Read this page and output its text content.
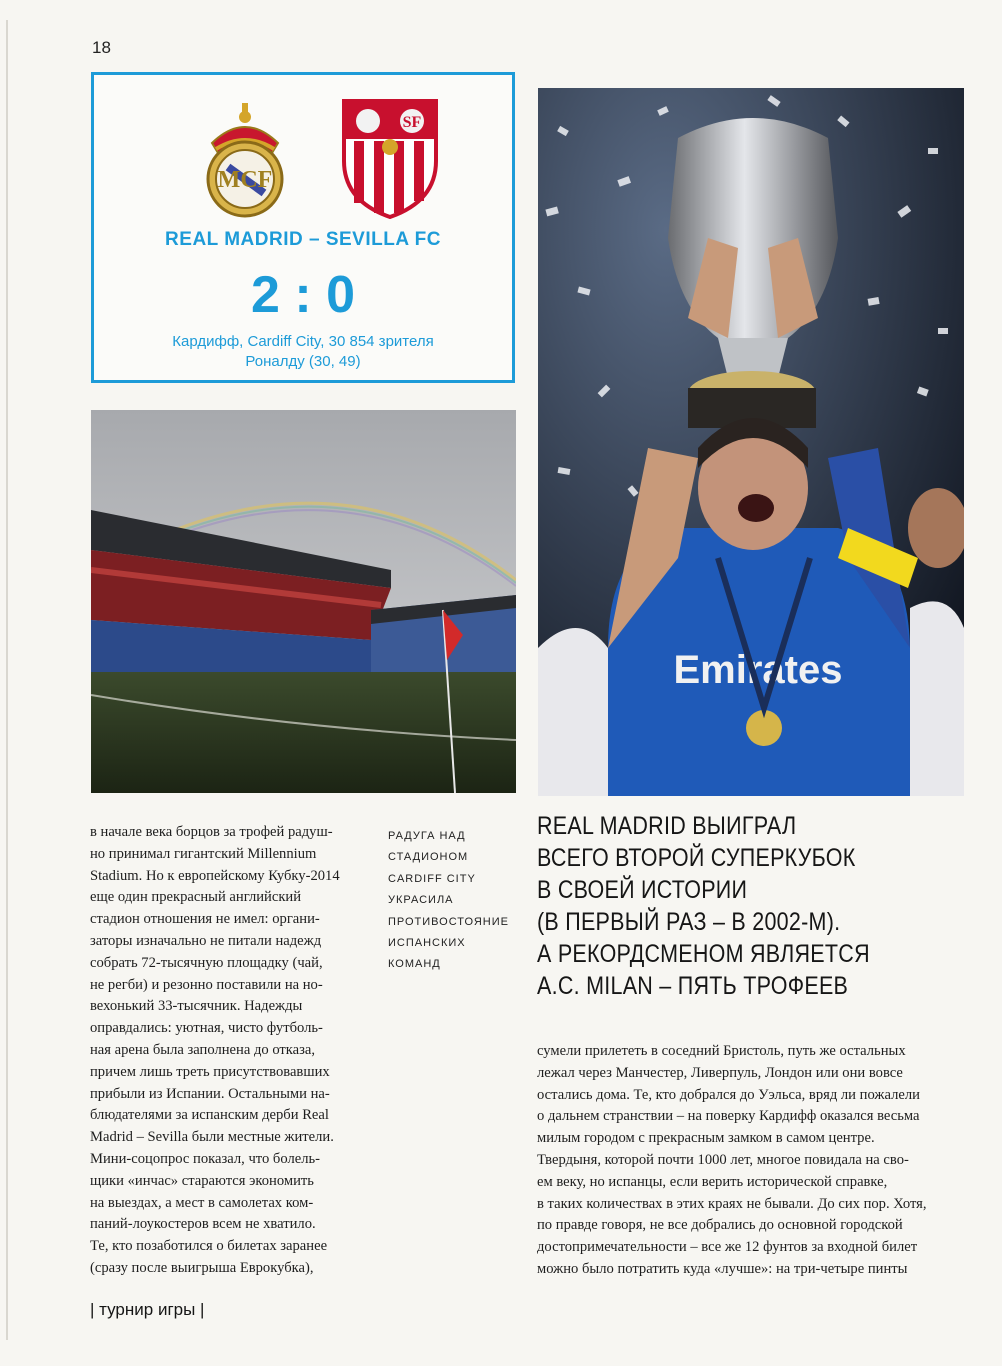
18
MCF
SF
REAL MADRID – SEVILLA FC
2 : 0
Кардифф, Cardiff City, 30 854 зрителя
Роналду (30, 49)
Emirates

в начале века борцов за трофей радуш-

но принимал гигантский Millennium

Stadium. Но к европейскому Кубку-2014

еще один прекрасный английский

стадион отношения не имел: органи-

заторы изначально не питали надежд

собрать 72-тысячную площадку (чай,

не регби) и резонно поставили на но-

вехонький 33-тысячник. Надежды

оправдались: уютная, чисто футболь-

ная арена была заполнена до отказа,

причем лишь треть присутствовавших

прибыли из Испании. Остальными на-

блюдателями за испанским дерби Real

Madrid – Sevilla были местные жители.

Мини-соцопрос показал, что болель-

щики «инчас» стараются экономить

на выездах, а мест в самолетах ком-

паний-лоукостеров всем не хватило.

Те, кто позаботился о билетах заранее

(сразу после выигрыша Еврокубка),

РАДУГА НАД
СТАДИОНОМ
CARDIFF CITY
УКРАСИЛА
ПРОТИВОСТОЯНИЕ
ИСПАНСКИХ
КОМАНД
REAL MADRID ВЫИГРАЛ
ВСЕГО ВТОРОЙ СУПЕРКУБОК
В СВОЕЙ ИСТОРИИ
(В ПЕРВЫЙ РАЗ – В 2002-М).
А РЕКОРДСМЕНОМ ЯВЛЯЕТСЯ
A.C. MILAN – ПЯТЬ ТРОФЕЕВ

сумели прилететь в соседний Бристоль, путь же остальных

лежал через Манчестер, Ливерпуль, Лондон или они вовсе

остались дома. Те, кто добрался до Уэльса, вряд ли пожалели

о дальнем странствии – на поверку Кардифф оказался весьма

милым городом с прекрасным замком в самом центре.

Твердыня, которой почти 1000 лет, многое повидала на сво-

ем веку, но испанцы, если верить исторической справке,

в таких количествах в этих краях не бывали. До сих пор. Хотя,

по правде говоря, не все добрались до основной городской

достопримечательности – все же 12 фунтов за входной билет

можно было потратить куда «лучше»: на три-четыре пинты

| турнир игры |
